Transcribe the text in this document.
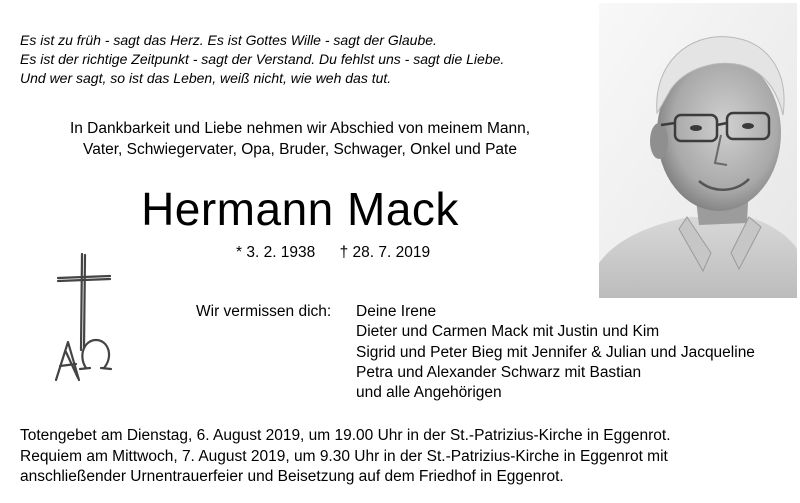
Es ist zu früh - sagt das Herz. Es ist Gottes Wille - sagt der Glaube.
Es ist der richtige Zeitpunkt - sagt der Verstand. Du fehlst uns - sagt die Liebe.
Und wer sagt, so ist das Leben, weiß nicht, wie weh das tut.
In Dankbarkeit und Liebe nehmen wir Abschied von meinem Mann,
Vater, Schwiegervater, Opa, Bruder, Schwager, Onkel und Pate
Hermann Mack
* 3. 2. 1938 † 28. 7. 2019
Wir vermissen dich: Deine Irene
Dieter und Carmen Mack mit Justin und Kim
Sigrid und Peter Bieg mit Jennifer & Julian und Jacqueline
Petra und Alexander Schwarz mit Bastian
und alle Angehörigen
Totengebet am Dienstag, 6. August 2019, um 19.00 Uhr in der St.-Patrizius-Kirche in Eggenrot.
Requiem am Mittwoch, 7. August 2019, um 9.30 Uhr in der St.-Patrizius-Kirche in Eggenrot mit
anschließender Urnentrauerfeier und Beisetzung auf dem Friedhof in Eggenrot.
